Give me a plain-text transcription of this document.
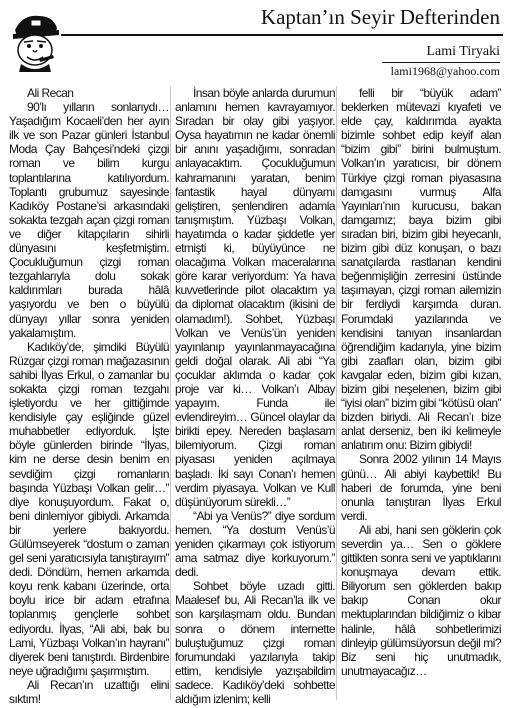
Kaptan’ın Seyir Defterinden
Lami Tiryaki
lami1968@yahoo.com

Ali Recan

90’lı yılların sonlarıydı… Yaşadığım Kocaeli’den her ayın ilk ve son Pazar günleri İstanbul Moda Çay Bahçesi’ndeki çizgi roman ve bilim kurgu toplantılarına katılıyordum. Toplantı grubumuz sayesinde Kadıköy Postane’si arkasındaki sokakta tezgah açan çizgi roman ve diğer kitapçıların sihirli dünyasını keşfetmiştim. Çocukluğumun çizgi roman tezgahlarıyla dolu sokak kaldırımları burada hâlâ yaşıyordu ve ben o büyülü dünyayı yıllar sonra yeniden yakalamıştım.

Kadıköy’de, şimdiki Büyülü Rüzgar çizgi roman mağazasının sahibi İlyas Erkul, o zamanlar bu sokakta çizgi roman tezgahı işletiyordu ve her gittiğimde kendisiyle çay eşliğinde güzel muhabbetler ediyorduk. İşte böyle günlerden birinde “İlyas, kim ne derse desin benim en sevdiğim çizgi romanların başında Yüzbaşı Volkan gelir…” diye konuşuyordum. Fakat o, beni dinlemiyor gibiydi. Arkamda bir yerlere bakıyordu. Gülümseyerek “dostum o zaman gel seni yaratıcısıyla tanıştırayım” dedi. Döndüm, hemen arkamda koyu renk kabanı üzerinde, orta boylu irice bir adam etrafına toplanmış gençlerle sohbet ediyordu. İlyas, “Ali abi, bak bu Lami, Yüzbaşı Volkan’ın hayranı” diyerek beni tanıştırdı. Birdenbire neye uğradığımı şaşırmıştım.

Ali Recan’ın uzattığı elini sıktım!

İnsan böyle anlarda durumun anlamını hemen kavrayamıyor. Sıradan bir olay gibi yaşıyor. Oysa hayatımın ne kadar önemli bir anını yaşadığımı, sonradan anlayacaktım. Çocukluğumun kahramanını yaratan, benim fantastik hayal dünyamı geliştiren, şenlendiren adamla tanışmıştım. Yüzbaşı Volkan, hayatımda o kadar şiddetle yer etmişti ki, büyüyünce ne olacağıma Volkan maceralarına göre karar veriyordum: Ya hava kuvvetlerinde pilot olacaktım ya da diplomat olacaktım (ikisini de olamadım!). Sohbet, Yüzbaşı Volkan ve Venüs’ün yeniden yayınlanıp yayınlanmayacağına geldi doğal olarak. Ali abi “Ya çocuklar aklımda o kadar çok proje var ki… Volkan’ı Albay yapayım. Funda ile evlendireyim… Güncel olaylar da birikti epey. Nereden başlasam bilemiyorum. Çizgi roman piyasası yeniden açılmaya başladı. İki sayı Conan’ı hemen verdim piyasaya. Volkan ve Kull düşünüyorum sürekli…”

“Abi ya Venüs?” diye sordum hemen. “Ya dostum Venüs’ü yeniden çıkarmayı çok istiyorum ama satmaz diye korkuyorum.” dedi.

Sohbet böyle uzadı gitti. Maalesef bu, Ali Recan’la ilk ve son karşılaşmam oldu. Bundan sonra o dönem internette buluştuğumuz çizgi roman forumundaki yazılarıyla takip ettim, kendisiyle yazışabildim sadece. Kadıköy’deki sohbette aldığım izlenim; kelli

felli bir “büyük adam” beklerken mütevazi kıyafeti ve elde çay, kaldırımda ayakta bizimle sohbet edip keyif alan “bizim gibi” birini bulmuştum. Volkan’ın yaratıcısı, bir dönem Türkiye çizgi roman piyasasına damgasını vurmuş Alfa Yayınları’nın kurucusu, bakan damgamız; baya bizim gibi sıradan biri, bizim gibi heyecanlı, bizim gibi düz konuşan, o bazı sanatçılarda rastlanan kendini beğenmişliğin zerresini üstünde taşımayan, çizgi roman ailemizin bir ferdiydi karşımda duran. Forumdaki yazılarında ve kendisini tanıyan insanlardan öğrendiğim kadarıyla, yine bizim gibi zaafları olan, bizim gibi kavgalar eden, bizim gibi kızan, bizim gibi neşelenen, bizim gibi “iyisi olan” bizim gibi “kötüsü olan” bizden biriydi. Ali Recan’ı bize anlat derseniz, ben iki kelimeyle anlatırım onu: Bizim gibiydi!

Sonra 2002 yılının 14 Mayıs günü… Ali abiyi kaybettik! Bu haberi de forumda, yine beni onunla tanıştıran İlyas Erkul verdi.

Ali abi, hani sen göklerin çok severdin ya… Sen o göklere gittikten sonra seni ve yaptıklarını konuşmaya devam ettik. Biliyorum sen göklerden bakıp bakıp Conan okur mektuplarından bildiğimiz o kibar halinle, hâlâ sohbetlerimizi dinleyip gülümsüyorsun değil mi? Biz seni hiç unutmadık, unutmayacağız…
